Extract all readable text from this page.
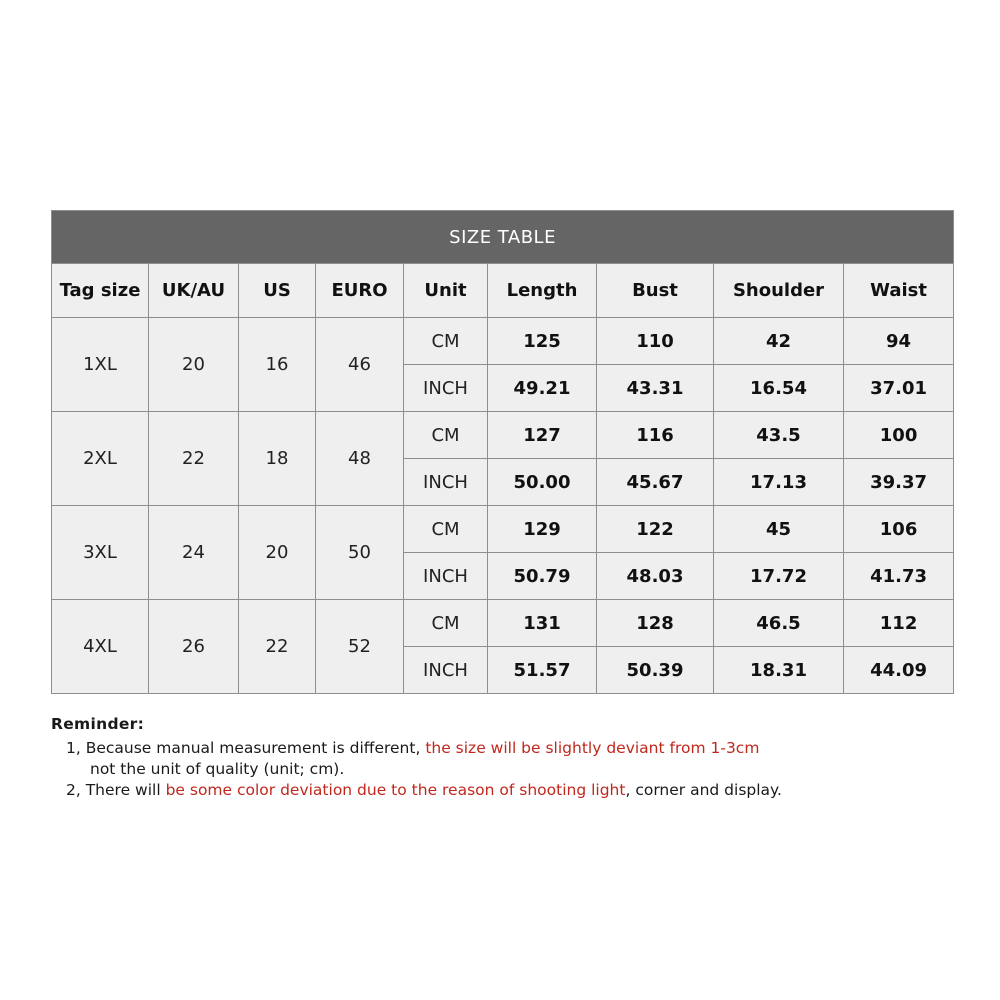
SIZE TABLE								
Tag size	UK/AU	US	EURO	Unit	Length	Bust	Shoulder	Waist
1XL	20	16	46	CM	125	110	42	94
				INCH	49.21	43.31	16.54	37.01
2XL	22	18	48	CM	127	116	43.5	100
				INCH	50.00	45.67	17.13	39.37
3XL	24	20	50	CM	129	122	45	106
				INCH	50.79	48.03	17.72	41.73
4XL	26	22	52	CM	131	128	46.5	112
				INCH	51.57	50.39	18.31	44.09
Reminder:
1, Because manual measurement is different, the size will be slightly deviant from 1-3cm
not the unit of quality (unit; cm).
2, There will be some color deviation due to the reason of shooting light, corner and display.
